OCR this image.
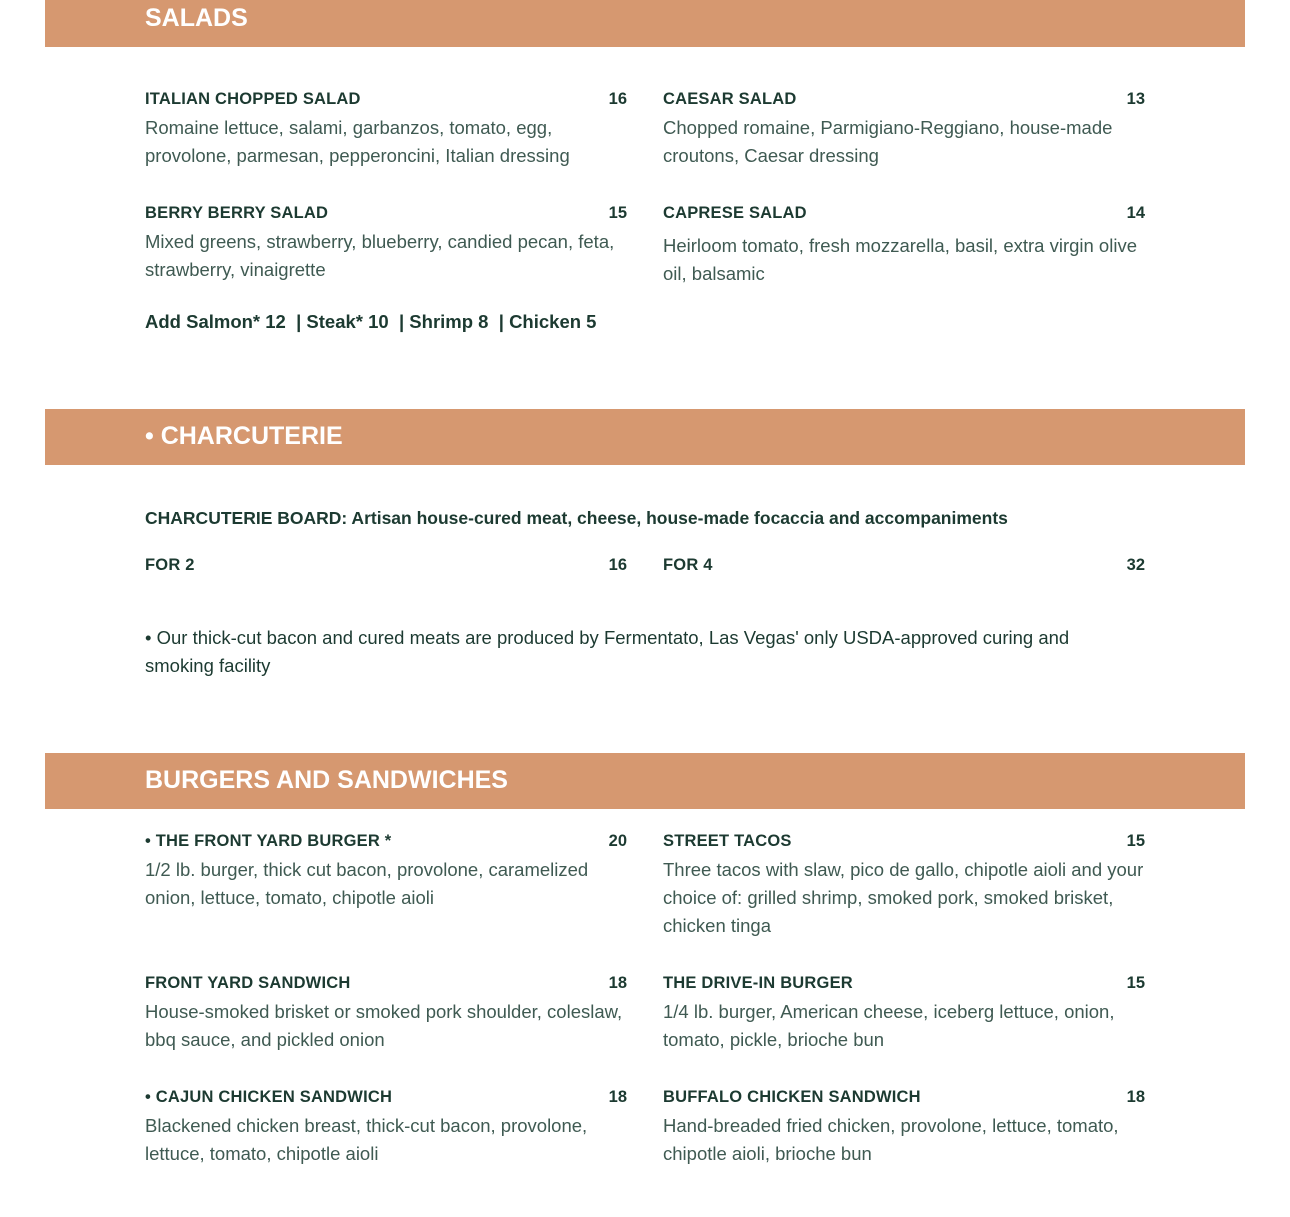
SALADS
ITALIAN CHOPPED SALAD	16
Romaine lettuce, salami, garbanzos, tomato, egg, provolone, parmesan, pepperoncini, Italian dressing
CAESAR SALAD	13
Chopped romaine, Parmigiano-Reggiano, house-made croutons, Caesar dressing
BERRY BERRY SALAD	15
Mixed greens, strawberry, blueberry, candied pecan, feta, strawberry, vinaigrette
CAPRESE SALAD	14
Heirloom tomato, fresh mozzarella, basil, extra virgin olive oil, balsamic
Add Salmon* 12  | Steak* 10  | Shrimp 8  | Chicken 5
• CHARCUTERIE
CHARCUTERIE BOARD: Artisan house-cured meat, cheese, house-made focaccia and accompaniments
FOR 2	16 FOR 4	32
• Our thick-cut bacon and cured meats are produced by Fermentato, Las Vegas' only USDA-approved curing and smoking facility
BURGERS AND SANDWICHES
• THE FRONT YARD BURGER *	20
1/2 lb. burger, thick cut bacon, provolone, caramelized onion, lettuce, tomato, chipotle aioli
STREET TACOS	15
Three tacos with slaw, pico de gallo, chipotle aioli and your choice of: grilled shrimp, smoked pork, smoked brisket, chicken tinga
FRONT YARD SANDWICH	18
House-smoked brisket or smoked pork shoulder, coleslaw, bbq sauce, and pickled onion
THE DRIVE-IN BURGER	15
1/4 lb. burger, American cheese, iceberg lettuce, onion, tomato, pickle, brioche bun
• CAJUN CHICKEN SANDWICH	18
Blackened chicken breast, thick-cut bacon, provolone, lettuce, tomato, chipotle aioli
BUFFALO CHICKEN SANDWICH	18
Hand-breaded fried chicken, provolone, lettuce, tomato, chipotle aioli, brioche bun
